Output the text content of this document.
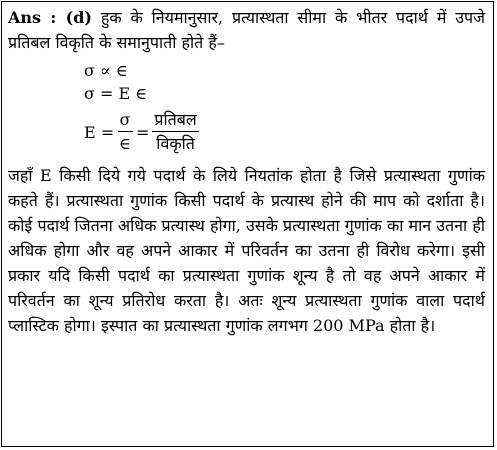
Ans : (d) हुक के नियमानुसार, प्रत्यास्थता सीमा के भीतर पदार्थ में उपजे प्रतिबल विकृति के समानुपाती होते हैं–

σ ∝ ∈
σ = E ∈
$E = \frac{\sigma}{\in} = \frac{\text{प्रतिबल}}{\text{विकृति}}$

जहाँ E किसी दिये गये पदार्थ के लिये नियतांक होता है जिसे प्रत्यास्थता गुणांक कहते हैं। प्रत्यास्थता गुणांक किसी पदार्थ के प्रत्यास्थ होने की माप को दर्शाता है। कोई पदार्थ जितना अधिक प्रत्यास्थ होगा, उसके प्रत्यास्थता गुणांक का मान उतना ही अधिक होगा और वह अपने आकार में परिवर्तन का उतना ही विरोध करेगा। इसी प्रकार यदि किसी पदार्थ का प्रत्यास्थता गुणांक शून्य है तो वह अपने आकार में परिवर्तन का शून्य प्रतिरोध करता है। अतः शून्य प्रत्यास्थता गुणांक वाला पदार्थ प्लास्टिक होगा। इस्पात का प्रत्यास्थता गुणांक लगभग 200 MPa होता है।
